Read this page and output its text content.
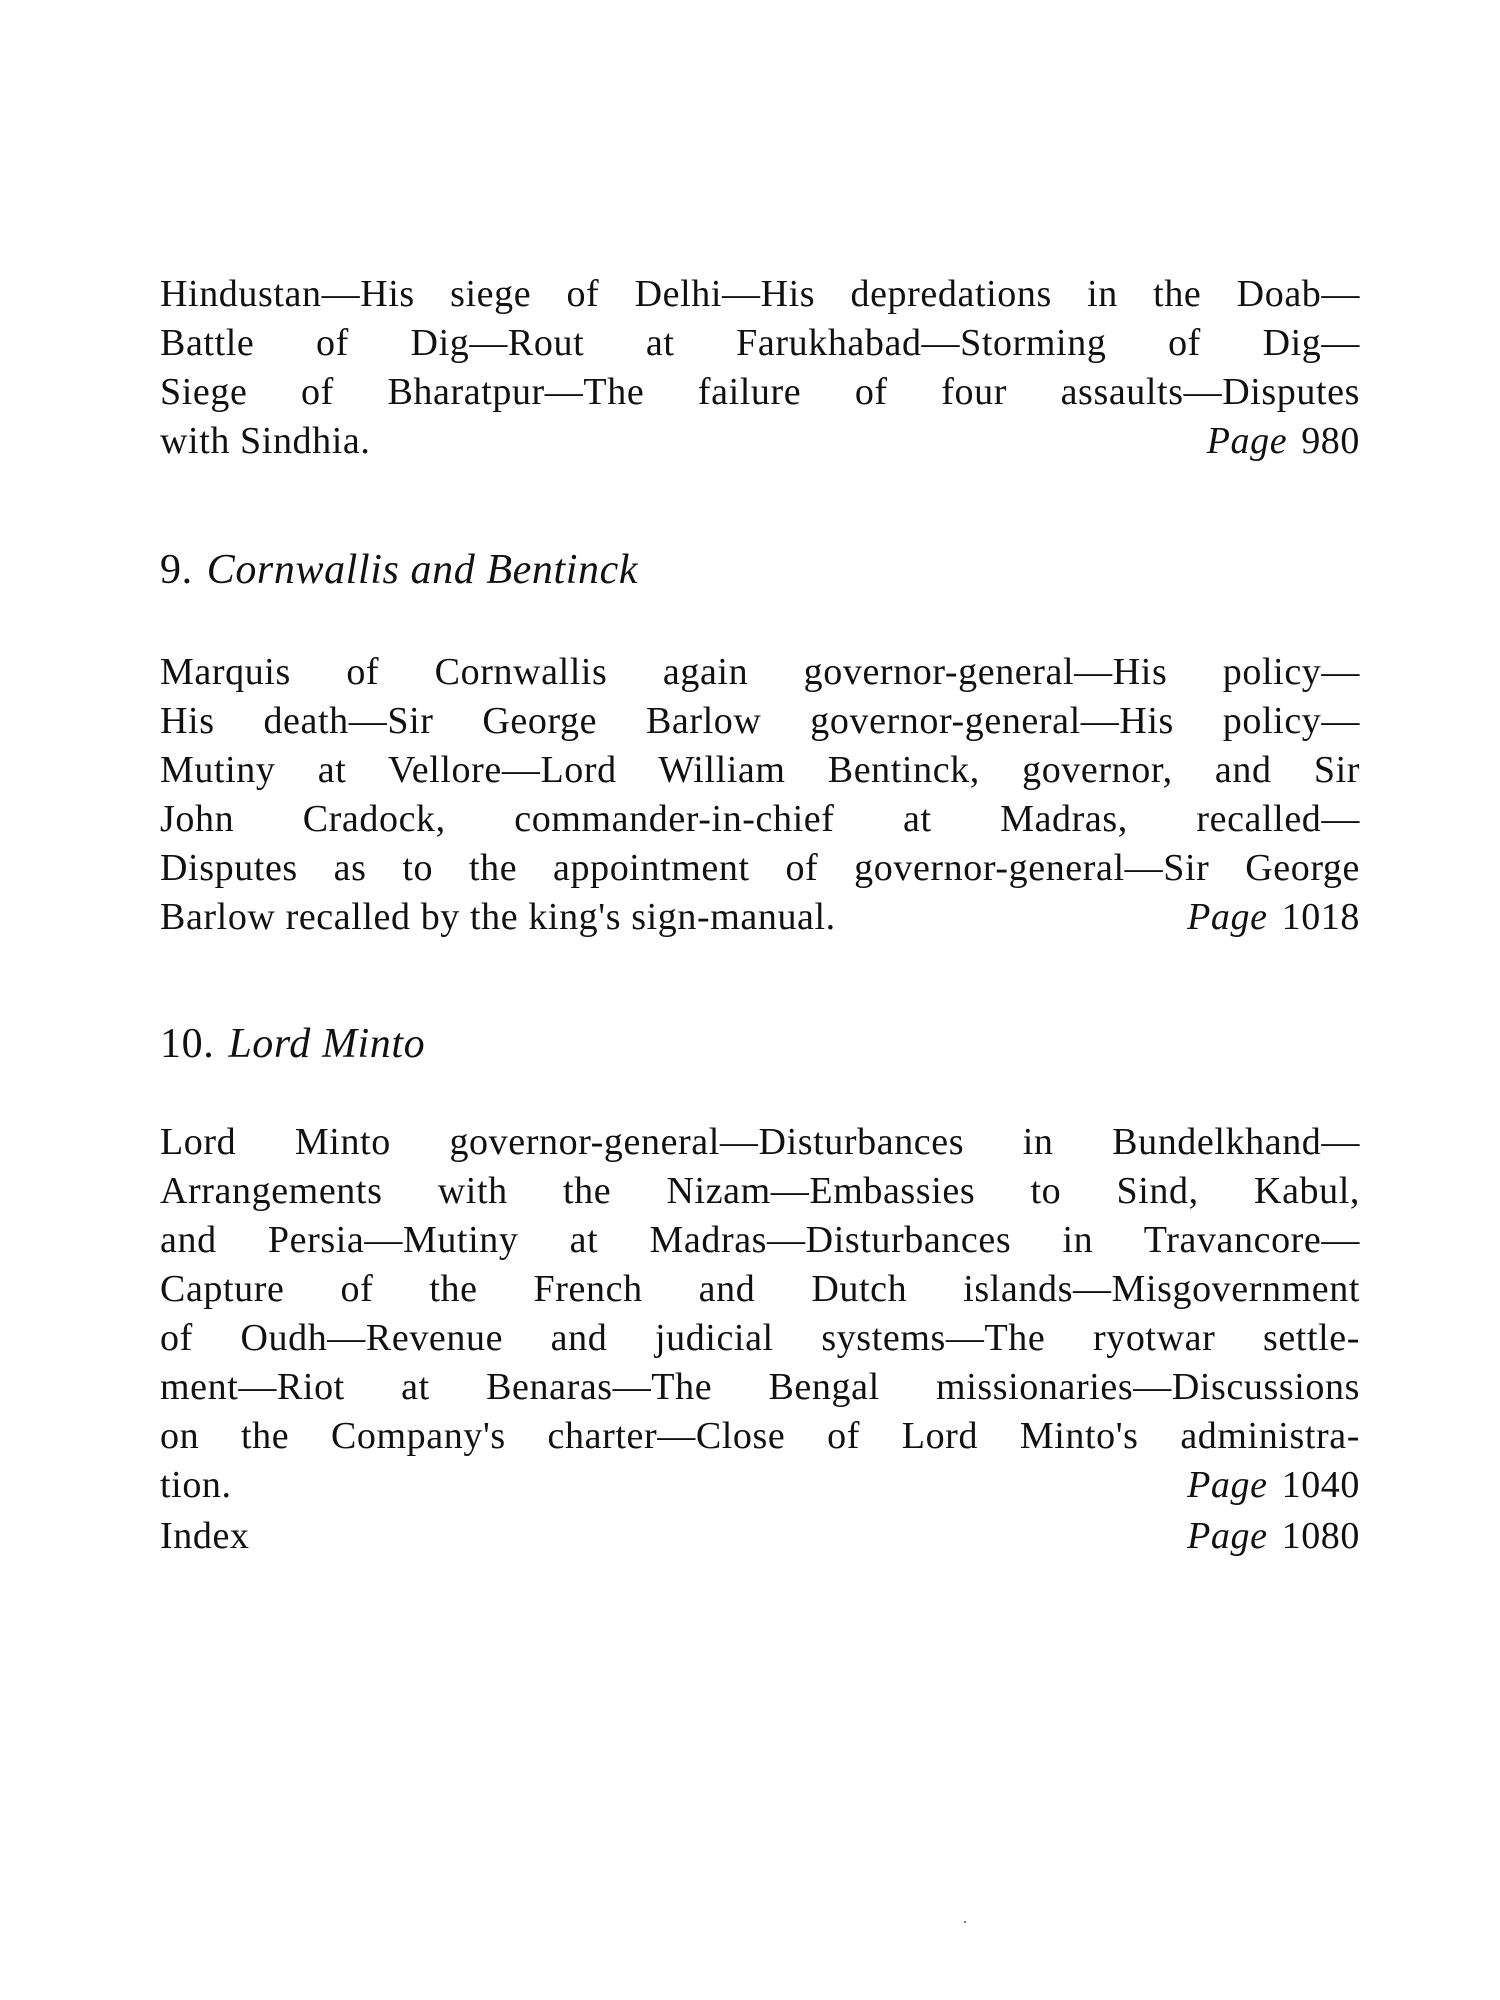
Hindustan—His siege of Delhi—His depredations in the Doab—
Battle of Dig—Rout at Farukhabad—Storming of Dig—
Siege of Bharatpur—The failure of four assaults—Disputes
with Sindhia.	Page 980
9. Cornwallis and Bentinck
Marquis of Cornwallis again governor-general—His policy—
His death—Sir George Barlow governor-general—His policy—
Mutiny at Vellore—Lord William Bentinck, governor, and Sir
John Cradock, commander-in-chief at Madras, recalled—
Disputes as to the appointment of governor-general—Sir George
Barlow recalled by the king's sign-manual.	Page 1018
10. Lord Minto
Lord Minto governor-general—Disturbances in Bundelkhand—
Arrangements with the Nizam—Embassies to Sind, Kabul,
and Persia—Mutiny at Madras—Disturbances in Travancore—
Capture of the French and Dutch islands—Misgovernment
of Oudh—Revenue and judicial systems—The ryotwar settle-
ment—Riot at Benaras—The Bengal missionaries—Discussions
on the Company's charter—Close of Lord Minto's administra-
tion.	Page 1040
Index	Page 1080
·
